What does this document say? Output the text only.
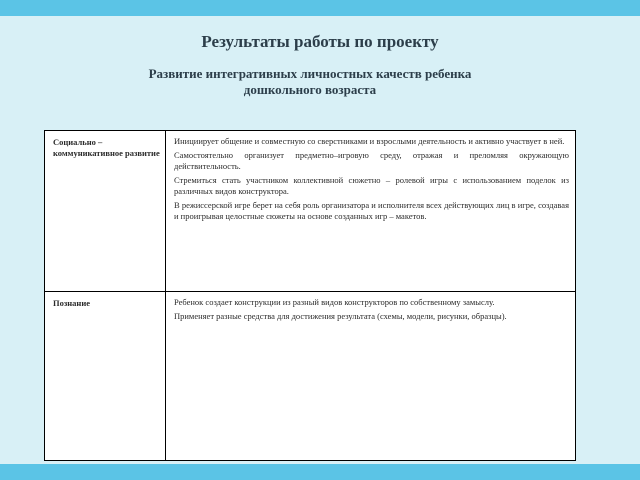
Результаты работы по проекту
Развитие интегративных личностных качеств ребенка дошкольного возраста
Социально – коммуникативное развитие

Инициирует общение и совместную со сверстниками и взрослыми деятельность и активно участвует в ней.

Самостоятельно организует предметно–игровую среду, отражая и преломляя окружающую действительность.

Стремиться стать участником коллективной сюжетно – ролевой игры с использованием поделок из различных видов конструктора.

В режиссерской игре берет на себя роль организатора и исполнителя всех действующих лиц в игре, создавая и проигрывая целостные сюжеты на основе созданных игр – макетов.

Познание	Ребенок создает конструкции из разный видов конструкторов по собственному замыслу.

Применяет разные средства для достижения результата (схемы, модели, рисунки, образцы).
